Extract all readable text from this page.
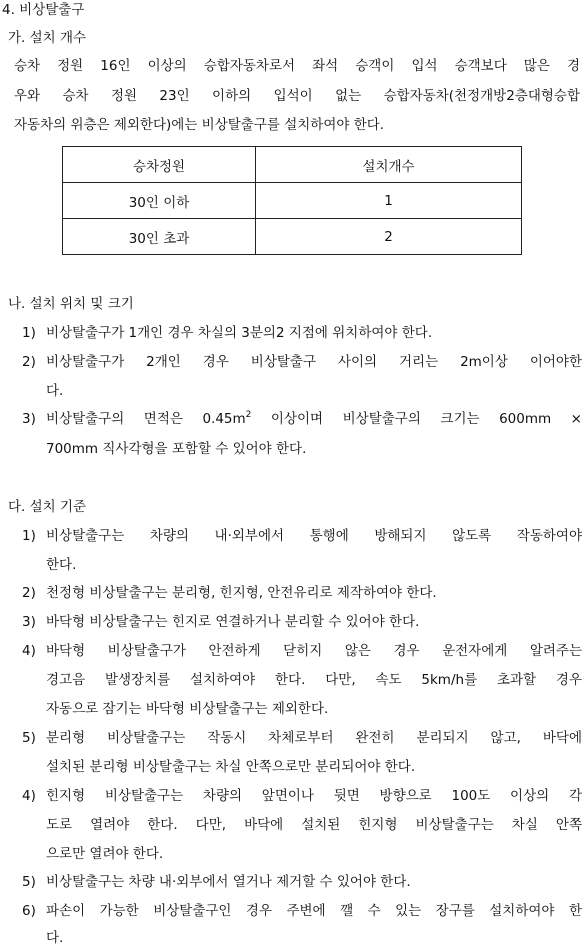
4. 비상탈출구
가. 설치 개수
승차 정원 16인 이상의 승합자동차로서 좌석 승객이 입석 승객보다 많은 경
우와 승차 정원 23인 이하의 입석이 없는 승합자동차(천정개방2층대형승합
자동차의 위층은 제외한다)에는 비상탈출구를 설치하여야 한다.
승차정원	설치개수
30인 이하	1
30인 초과	2
나. 설치 위치 및 크기
1) 비상탈출구가 1개인 경우 차실의 3분의2 지점에 위치하여야 한다.
2) 비상탈출구가 2개인 경우 비상탈출구 사이의 거리는 2m이상 이어야한
다.
3) 비상탈출구의 면적은 $0.45m^2$ 이상이며 비상탈출구의 크기는 600mm ×
700mm 직사각형을 포함할 수 있어야 한다.
다. 설치 기준
1) 비상탈출구는 차량의 내·외부에서 통행에 방해되지 않도록 작동하여야
한다.
2) 천정형 비상탈출구는 분리형, 힌지형, 안전유리로 제작하여야 한다.
3) 바닥형 비상탈출구는 힌지로 연결하거나 분리할 수 있어야 한다.
4) 바닥형 비상탈출구가 안전하게 닫히지 않은 경우 운전자에게 알려주는
경고음 발생장치를 설치하여야 한다. 다만, 속도 5km/h를 초과할 경우
자동으로 잠기는 바닥형 비상탈출구는 제외한다.
5) 분리형 비상탈출구는 작동시 차체로부터 완전히 분리되지 않고, 바닥에
설치된 분리형 비상탈출구는 차실 안쪽으로만 분리되어야 한다.
4) 힌지형 비상탈출구는 차량의 앞면이나 뒷면 방향으로 100도 이상의 각
도로 열려야 한다. 다만, 바닥에 설치된 힌지형 비상탈출구는 차실 안쪽
으로만 열려야 한다.
5) 비상탈출구는 차량 내·외부에서 열거나 제거할 수 있어야 한다.
6) 파손이 가능한 비상탈출구인 경우 주변에 깰 수 있는 장구를 설치하여야 한
다.
